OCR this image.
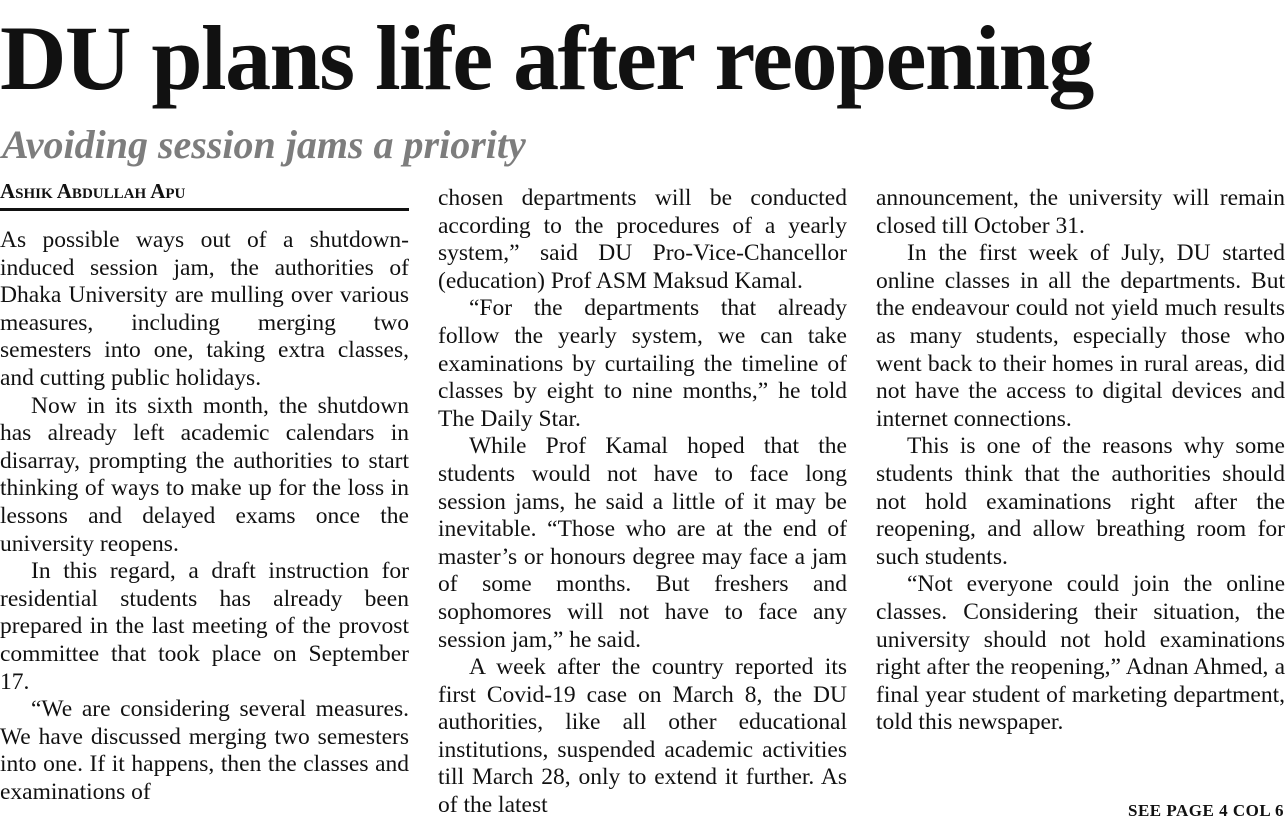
DU plans life after reopening
Avoiding session jams a priority
Ashik Abdullah Apu

As possible ways out of a shutdown-induced session jam, the authorities of Dhaka University are mulling over various measures, including merging two semesters into one, taking extra classes, and cutting public holidays.

Now in its sixth month, the shutdown has already left academic calendars in disarray, prompting the authorities to start thinking of ways to make up for the loss in lessons and delayed exams once the university reopens.

In this regard, a draft instruction for residential students has already been prepared in the last meeting of the provost committee that took place on September 17.

“We are considering several measures. We have discussed merging two semesters into one. If it happens, then the classes and examinations of

chosen departments will be conducted according to the procedures of a yearly system,” said DU Pro-Vice-Chancellor (education) Prof ASM Maksud Kamal.

“For the departments that already follow the yearly system, we can take examinations by curtailing the timeline of classes by eight to nine months,” he told The Daily Star.

While Prof Kamal hoped that the students would not have to face long session jams, he said a little of it may be inevitable. “Those who are at the end of master’s or honours degree may face a jam of some months. But freshers and sophomores will not have to face any session jam,” he said.

A week after the country reported its first Covid-19 case on March 8, the DU authorities, like all other educational institutions, suspended academic activities till March 28, only to extend it further. As of the latest

announcement, the university will remain closed till October 31.

In the first week of July, DU started online classes in all the departments. But the endeavour could not yield much results as many students, especially those who went back to their homes in rural areas, did not have the access to digital devices and internet connections.

This is one of the reasons why some students think that the authorities should not hold examinations right after the reopening, and allow breathing room for such students.

“Not everyone could join the online classes. Considering their situation, the university should not hold examinations right after the reopening,” Adnan Ahmed, a final year student of marketing department, told this newspaper.

SEE PAGE 4 COL 6
